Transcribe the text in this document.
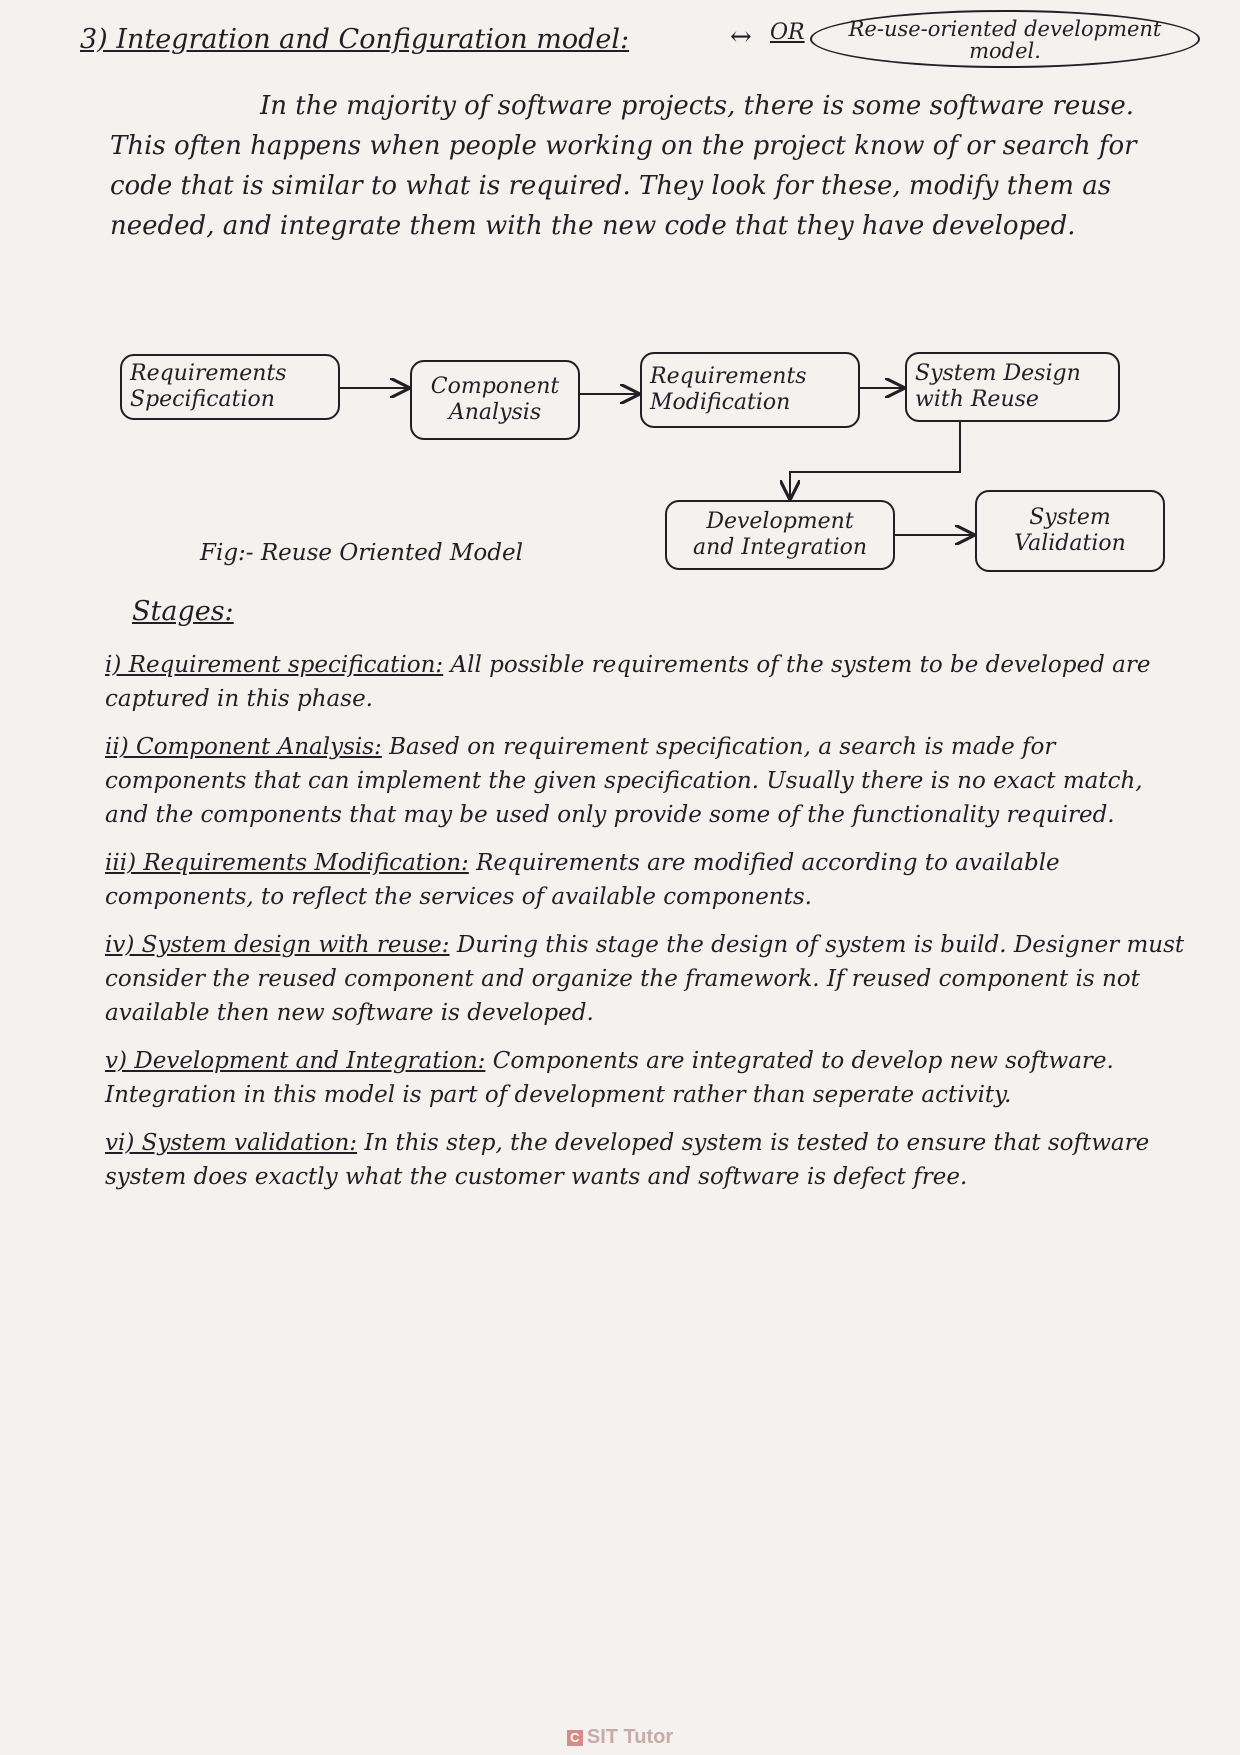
3) Integration and Configuration model:	↔ OR	Re-use-oriented development
model.
In the majority of software projects, there is some software reuse. This often happens when people working on the project know of or search for code that is similar to what is required. They look for these, modify them as needed, and integrate them with the new code that they have developed.
Requirements
Specification
Component
Analysis
Requirements
Modification
System Design
with Reuse
Development
and Integration
System
Validation
Fig:- Reuse Oriented Model
Stages:
i) Requirement specification: All possible requirements of the system to be developed are captured in this phase.
ii) Component Analysis: Based on requirement specification, a search is made for components that can implement the given specification. Usually there is no exact match, and the components that may be used only provide some of the functionality required.
iii) Requirements Modification: Requirements are modified according to available components, to reflect the services of available components.
iv) System design with reuse: During this stage the design of system is build. Designer must consider the reused component and organize the framework. If reused component is not available then new software is developed.
v) Development and Integration: Components are integrated to develop new software. Integration in this model is part of development rather than seperate activity.
vi) System validation: In this step, the developed system is tested to ensure that software system does exactly what the customer wants and software is defect free.
C SIT Tutor
